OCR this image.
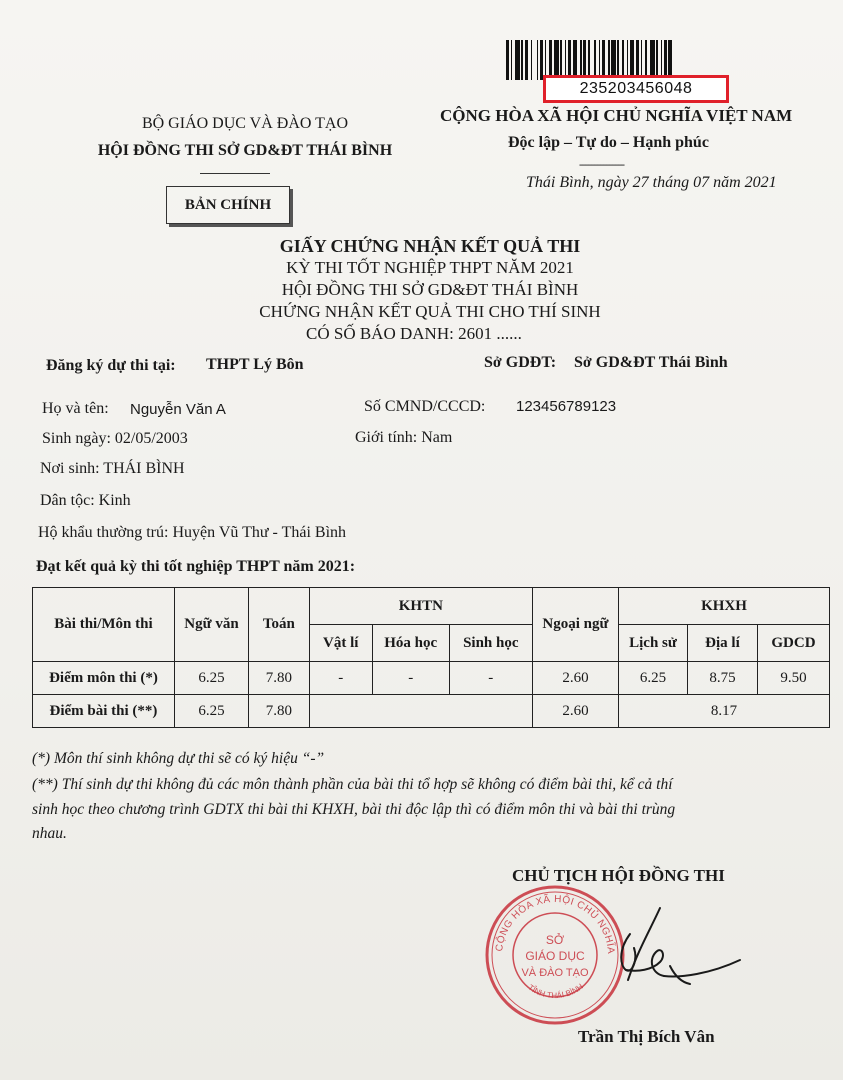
235203456048
BỘ GIÁO DỤC VÀ ĐÀO TẠO
HỘI ĐỒNG THI SỞ GD&ĐT THÁI BÌNH
BẢN CHÍNH
CỘNG HÒA XÃ HỘI CHỦ NGHĨA VIỆT NAM
Độc lập – Tự do – Hạnh phúc
---------------
Thái Bình, ngày 27 tháng 07 năm 2021
GIẤY CHỨNG NHẬN KẾT QUẢ THI
KỲ THI TỐT NGHIỆP THPT NĂM 2021
HỘI ĐỒNG THI SỞ GD&ĐT THÁI BÌNH
CHỨNG NHẬN KẾT QUẢ THI CHO THÍ SINH
CÓ SỐ BÁO DANH: 2601 ......
Đăng ký dự thi tại: THPT Lý Bôn	Sở GDĐT: Sở GD&ĐT Thái Bình
Họ và tên: Nguyễn Văn A	Số CMND/CCCD: 123456789123
Sinh ngày: 02/05/2003	Giới tính: Nam
Nơi sinh: THÁI BÌNH
Dân tộc: Kinh
Hộ khẩu thường trú: Huyện Vũ Thư - Thái Bình
Đạt kết quả kỳ thi tốt nghiệp THPT năm 2021:
Bài thi/Môn thi	Ngữ văn	Toán	KHTN			Ngoại ngữ	KHXH		
			Vật lí	Hóa học	Sinh học		Lịch sử	Địa lí	GDCD
Điểm môn thi (*)	6.25	7.80	-	-	-	2.60	6.25	8.75	9.50
Điểm bài thi (**)	6.25	7.80				2.60	8.17		
(*) Môn thí sinh không dự thi sẽ có ký hiệu “-”
(**) Thí sinh dự thi không đủ các môn thành phần của bài thi tổ hợp sẽ không có điểm bài thi, kể cả thí
sinh học theo chương trình GDTX thi bài thi KHXH, bài thi độc lập thì có điểm môn thi và bài thi trùng
nhau.
CHỦ TỊCH HỘI ĐỒNG THI
CỘNG HÒA XÃ HỘI CHỦ NGHĨA
TỈNH THÁI BÌNH
SỞ
GIÁO DỤC
VÀ ĐÀO TẠO
Trần Thị Bích Vân
